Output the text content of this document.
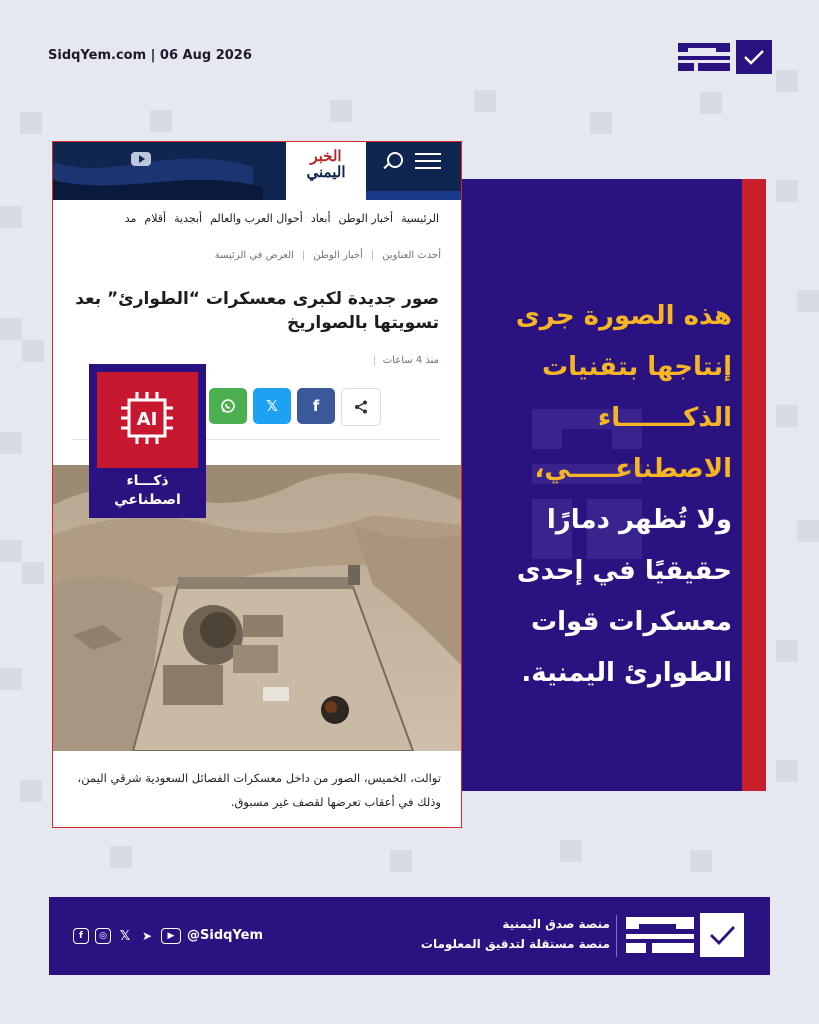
SidqYem.com | 06 Aug 2026
الخبر
اليمني
الرئيسية
أخبار الوطن
أبعاد
أحوال العرب والعالم
أبجدية
أقلام
مد
أحدث العناوين
|
أخبار الوطن
|
العرض في الرئيسة
صور جديدة لكبرى معسكرات “الطوارئ” بعد تسويتها بالصواريخ
منذ 4 ساعات
f
𝕏
توالت، الخميس، الصور من داخل معسكرات الفصائل السعودية شرقي اليمن، وذلك في أعقاب تعرضها لقصف غير مسبوق.
AI
ذكـــاء
اصطناعي
هذه الصورة جرى
إنتاجها بتقنيات
الذكـــــــاء
الاصطناعـــــي،
ولا تُظهر دمارًا
حقيقيًا في إحدى
معسكرات قوات
الطوارئ اليمنية.
f	◎ 𝕏 ➤	▶ @SidqYem
منصة صدق اليمنية
منصة مستقلة لتدقيق المعلومات
